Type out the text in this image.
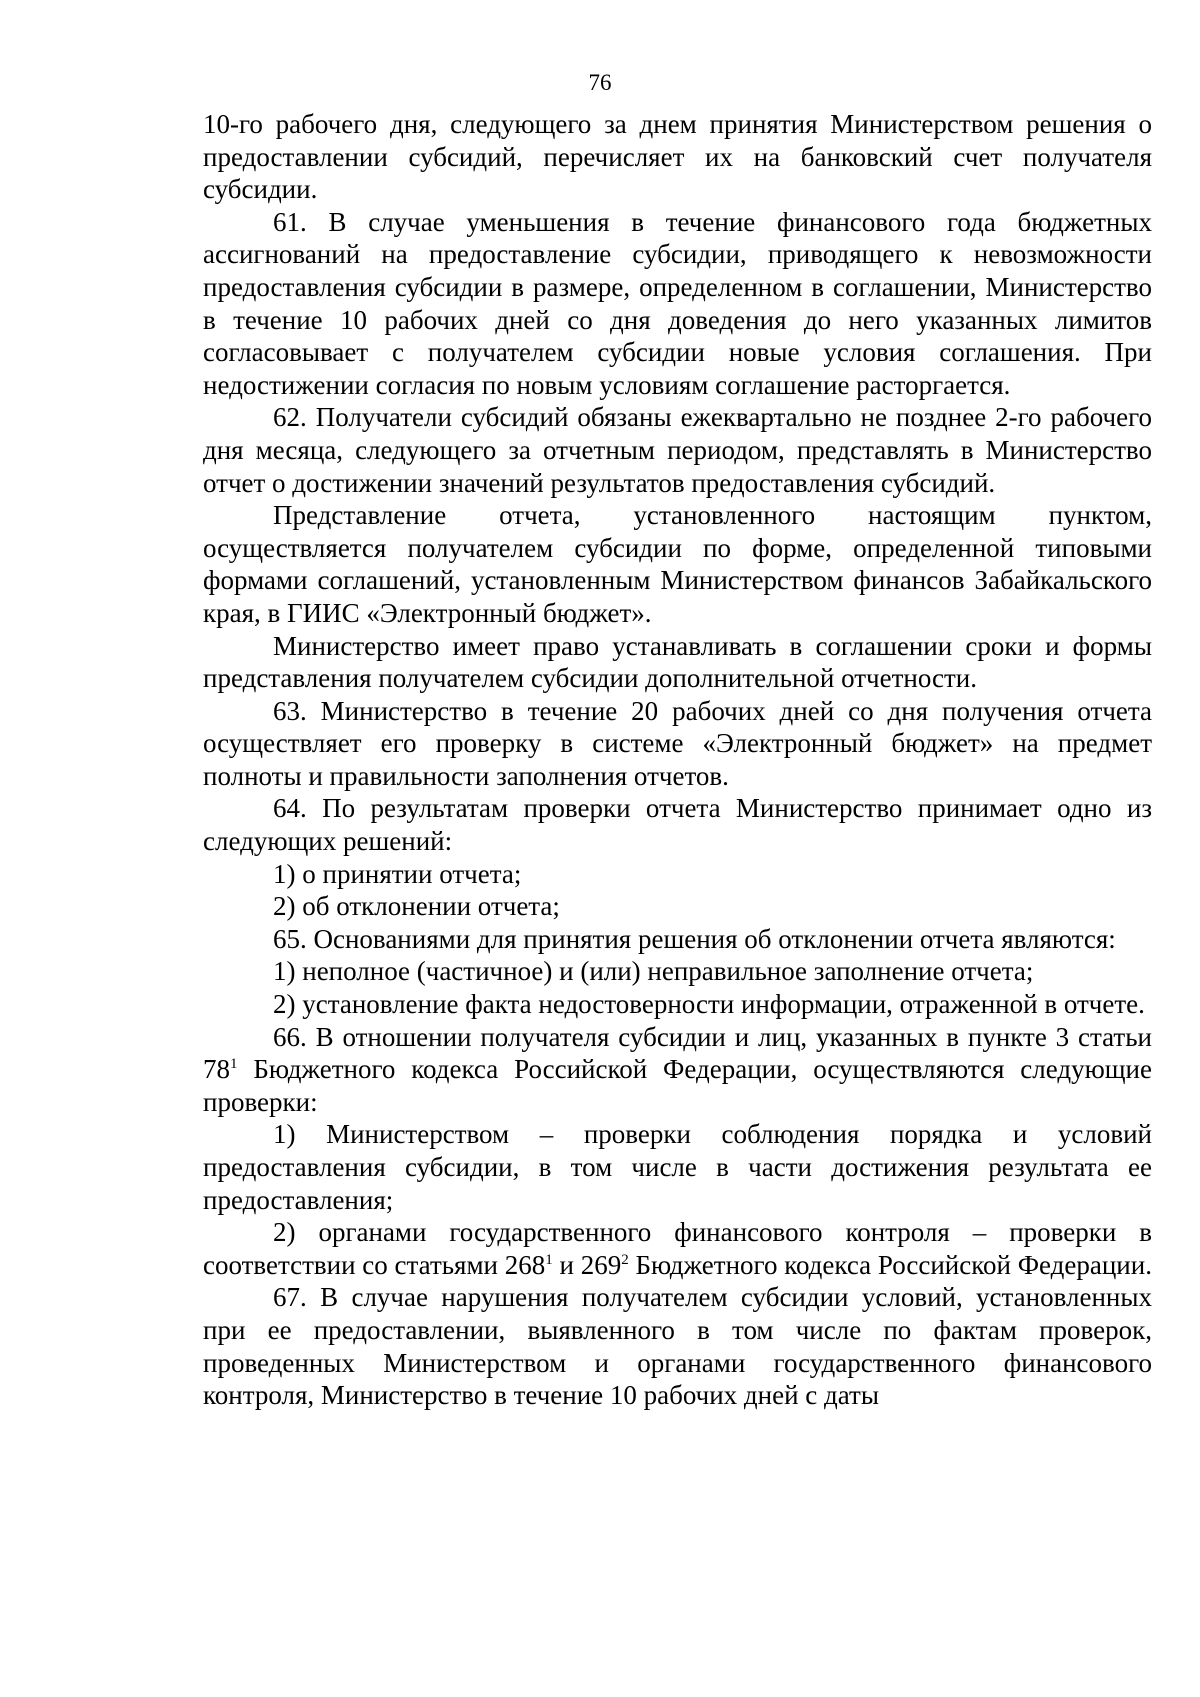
76

10-го рабочего дня, следующего за днем принятия Министерством решения о предоставлении субсидий, перечисляет их на банковский счет получателя субсидии.

61. В случае уменьшения в течение финансового года бюджетных ассигнований на предоставление субсидии, приводящего к невозможности предоставления субсидии в размере, определенном в соглашении, Министерство в течение 10 рабочих дней со дня доведения до него указанных лимитов согласовывает с получателем субсидии новые условия соглашения. При недостижении согласия по новым условиям соглашение расторгается.

62. Получатели субсидий обязаны ежеквартально не позднее 2-го рабочего дня месяца, следующего за отчетным периодом, представлять в Министерство отчет о достижении значений результатов предоставления субсидий.

Представление отчета, установленного настоящим пунктом, осуществляется получателем субсидии по форме, определенной типовыми формами соглашений, установленным Министерством финансов Забайкальского края, в ГИИС «Электронный бюджет».

Министерство имеет право устанавливать в соглашении сроки и формы представления получателем субсидии дополнительной отчетности.

63. Министерство в течение 20 рабочих дней со дня получения отчета осуществляет его проверку в системе «Электронный бюджет» на предмет полноты и правильности заполнения отчетов.

64. По результатам проверки отчета Министерство принимает одно из следующих решений:

1) о принятии отчета;

2) об отклонении отчета;

65. Основаниями для принятия решения об отклонении отчета являются:

1) неполное (частичное) и (или) неправильное заполнение отчета;

2) установление факта недостоверности информации, отраженной в отчете.

66. В отношении получателя субсидии и лиц, указанных в пункте 3 статьи $78^1$ Бюджетного кодекса Российской Федерации, осуществляются следующие проверки:

1) Министерством – проверки соблюдения порядка и условий предоставления субсидии, в том числе в части достижения результата ее предоставления;

2) органами государственного финансового контроля – проверки в соответствии со статьями $268^1$ и $269^2$ Бюджетного кодекса Российской Федерации.

67. В случае нарушения получателем субсидии условий, установленных при ее предоставлении, выявленного в том числе по фактам проверок, проведенных Министерством и органами государственного финансового контроля, Министерство в течение 10 рабочих дней с даты
